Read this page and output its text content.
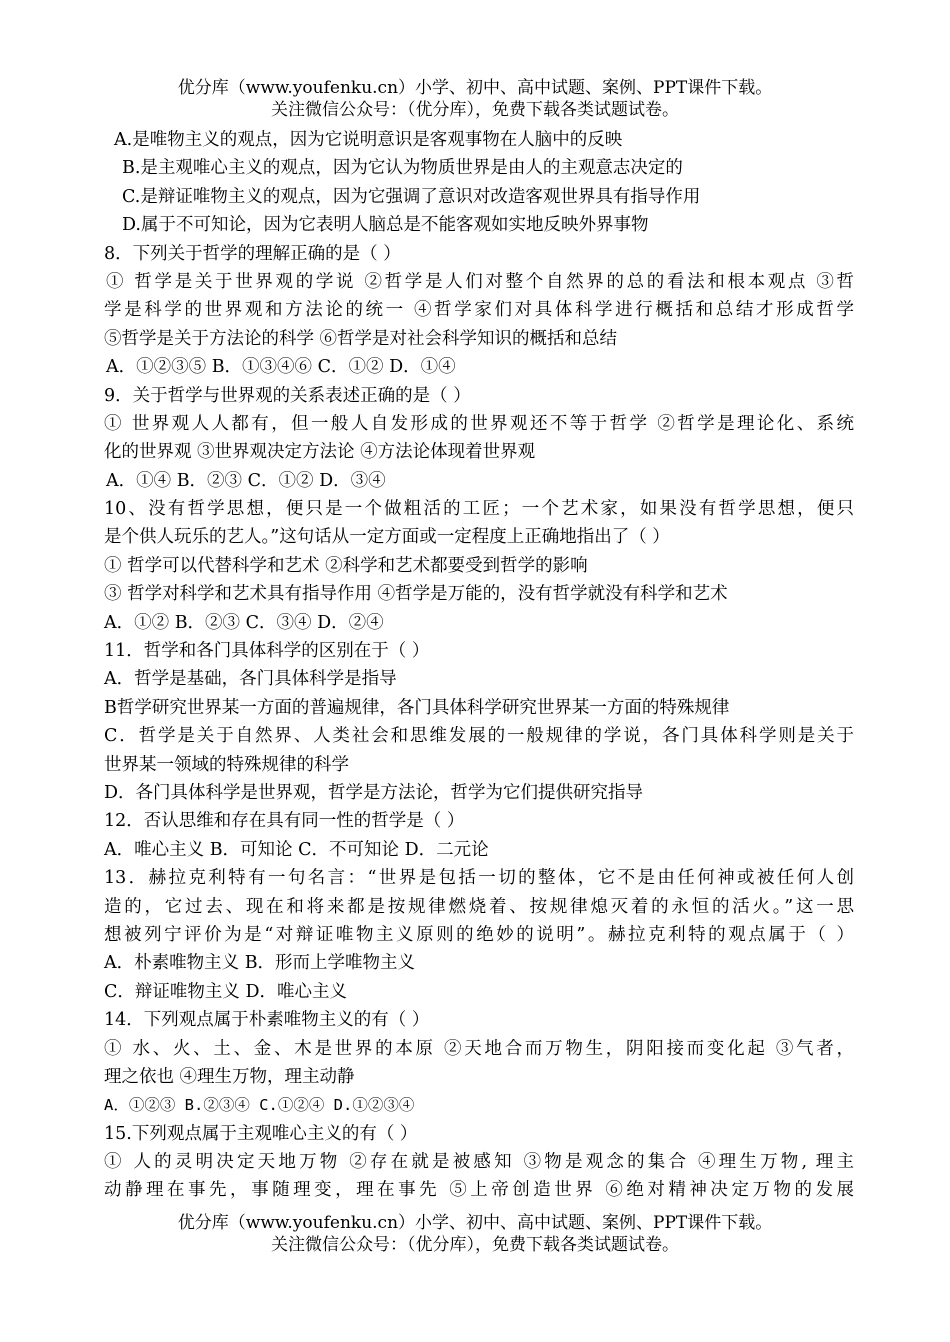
优分库（www.youfenku.cn）小学、初中、高中试题、案例、PPT课件下载。
关注微信公众号：（优分库），免费下载各类试题试卷。
A.是唯物主义的观点，因为它说明意识是客观事物在人脑中的反映
B.是主观唯心主义的观点，因为它认为物质世界是由人的主观意志决定的
C.是辩证唯物主义的观点，因为它强调了意识对改造客观世界具有指导作用
D.属于不可知论，因为它表明人脑总是不能客观如实地反映外界事物
8．下列关于哲学的理解正确的是（ ）
① 哲学是关于世界观的学说 ②哲学是人们对整个自然界的总的看法和根本观点 ③哲
学是科学的世界观和方法论的统一 ④哲学家们对具体科学进行概括和总结才形成哲学
⑤哲学是关于方法论的科学 ⑥哲学是对社会科学知识的概括和总结
A．①②③⑤ B．①③④⑥ C．①② D．①④
9．关于哲学与世界观的关系表述正确的是（ ）
① 世界观人人都有，但一般人自发形成的世界观还不等于哲学 ②哲学是理论化、系统
化的世界观 ③世界观决定方法论 ④方法论体现着世界观
A．①④ B．②③ C．①② D．③④
10、没有哲学思想，便只是一个做粗活的工匠；一个艺术家，如果没有哲学思想，便只
是个供人玩乐的艺人。”这句话从一定方面或一定程度上正确地指出了（ ）
① 哲学可以代替科学和艺术 ②科学和艺术都要受到哲学的影响
③ 哲学对科学和艺术具有指导作用 ④哲学是万能的，没有哲学就没有科学和艺术
A．①② B．②③ C．③④ D．②④
11．哲学和各门具体科学的区别在于（ ）
A．哲学是基础，各门具体科学是指导
B哲学研究世界某一方面的普遍规律，各门具体科学研究世界某一方面的特殊规律
C．哲学是关于自然界、人类社会和思维发展的一般规律的学说，各门具体科学则是关于
世界某一领域的特殊规律的科学
D．各门具体科学是世界观，哲学是方法论，哲学为它们提供研究指导
12．否认思维和存在具有同一性的哲学是（ ）
A．唯心主义 B．可知论 C．不可知论 D．二元论
13．赫拉克利特有一句名言：“世界是包括一切的整体，它不是由任何神或被任何人创
造的，它过去、现在和将来都是按规律燃烧着、按规律熄灭着的永恒的活火。”这一思
想被列宁评价为是“对辩证唯物主义原则的绝妙的说明”。赫拉克利特的观点属于（ ）
A．朴素唯物主义 B．形而上学唯物主义
C．辩证唯物主义 D．唯心主义
14．下列观点属于朴素唯物主义的有（ ）
① 水、火、土、金、木是世界的本原 ②天地合而万物生，阴阳接而变化起 ③气者，
理之依也 ④理生万物，理主动静
A．①②③ B.②③④ C.①②④ D.①②③④
15.下列观点属于主观唯心主义的有（ ）
① 人的灵明决定天地万物 ②存在就是被感知 ③物是观念的集合 ④理生万物, 理主
动静理在事先，事随理变，理在事先 ⑤上帝创造世界 ⑥绝对精神决定万物的发展
优分库（www.youfenku.cn）小学、初中、高中试题、案例、PPT课件下载。
关注微信公众号：（优分库），免费下载各类试题试卷。
